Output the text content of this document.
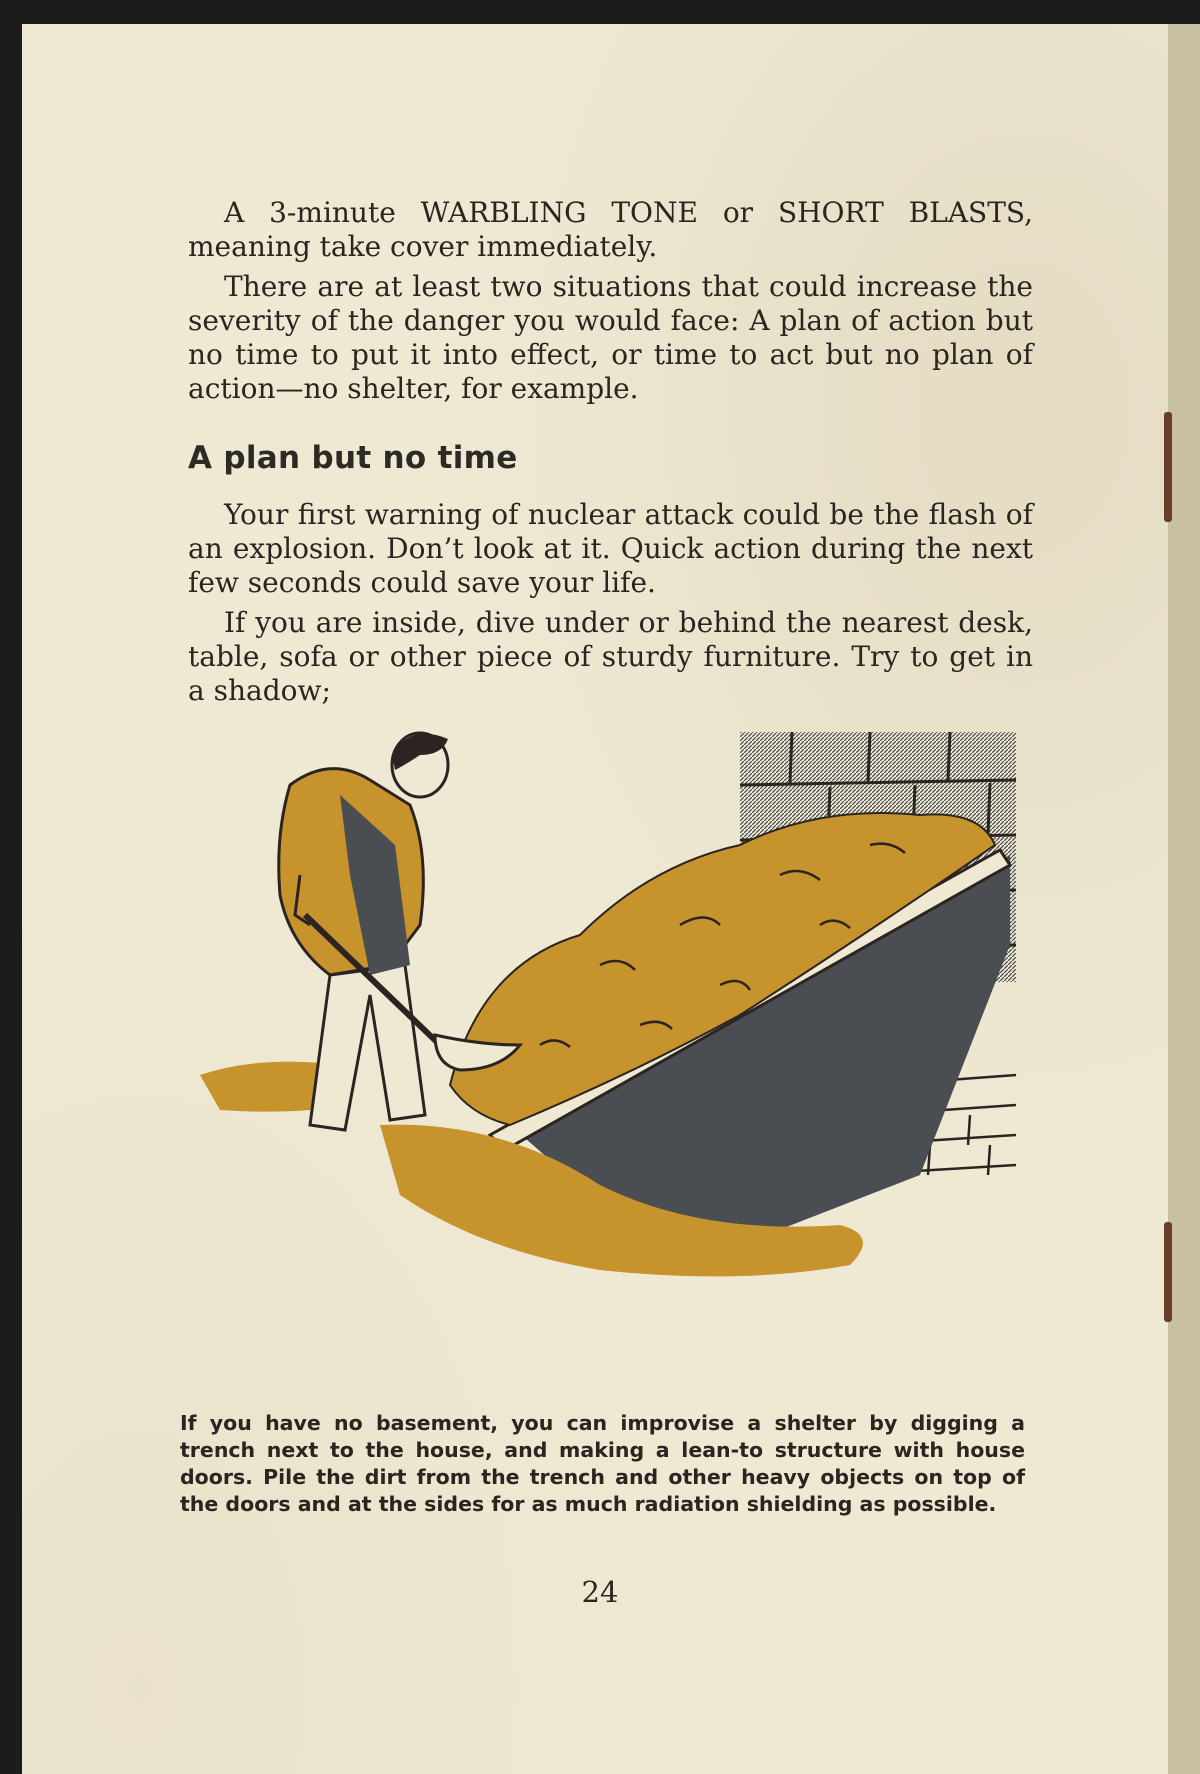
A 3-minute WARBLING TONE or SHORT BLASTS, meaning take cover immediately.

There are at least two situations that could increase the severity of the danger you would face: A plan of action but no time to put it into effect, or time to act but no plan of action—no shelter, for example.

A plan but no time

Your first warning of nuclear attack could be the flash of an explosion. Don’t look at it. Quick action during the next few seconds could save your life.

If you are inside, dive under or behind the nearest desk, table, sofa or other piece of sturdy furniture. Try to get in a shadow;

If you have no basement, you can improvise a shelter by digging a trench next to the house, and making a lean-to structure with house doors. Pile the dirt from the trench and other heavy objects on top of the doors and at the sides for as much radiation shielding as possible.
24
